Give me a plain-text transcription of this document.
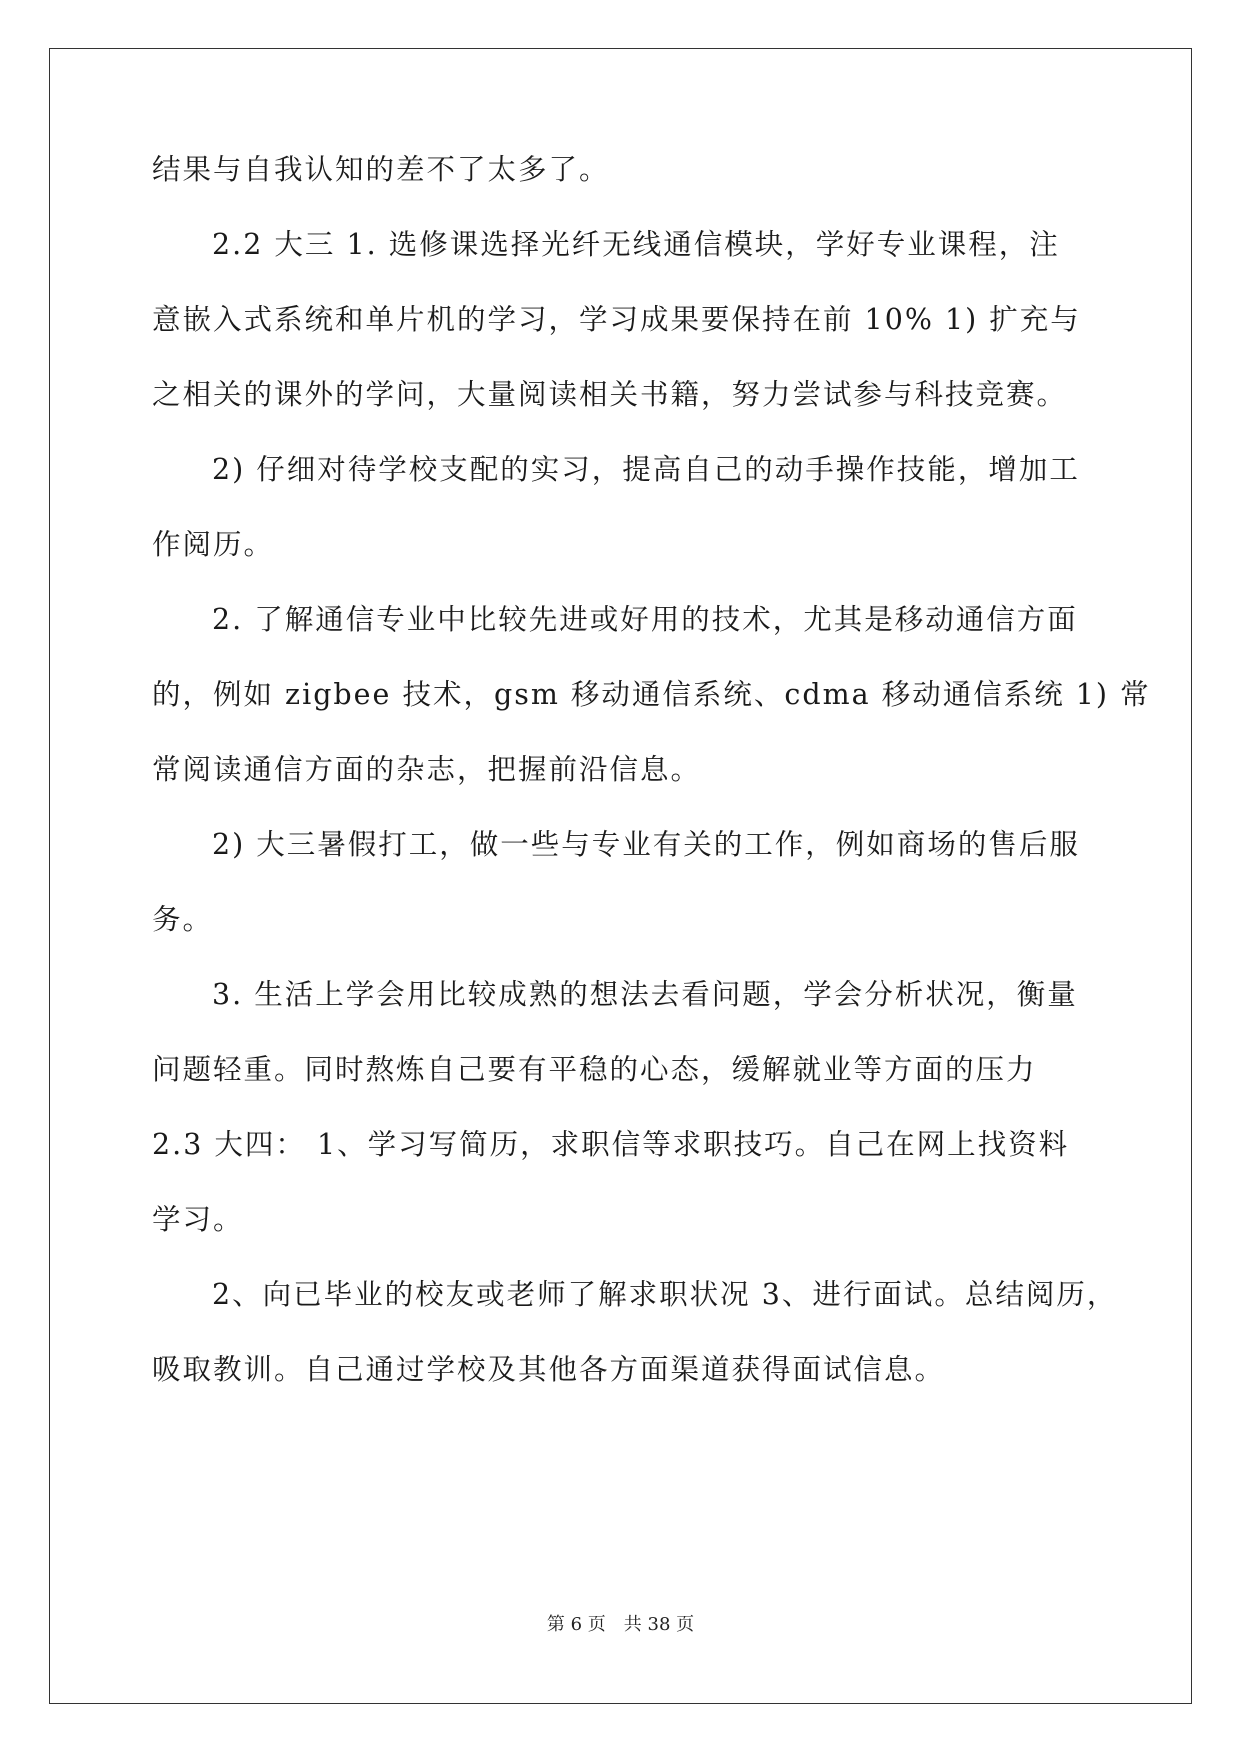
结果与自我认知的差不了太多了。
2.2 大三 1. 选修课选择光纤无线通信模块，学好专业课程，注
意嵌入式系统和单片机的学习，学习成果要保持在前 10% 1) 扩充与
之相关的课外的学问，大量阅读相关书籍，努力尝试参与科技竞赛。
2) 仔细对待学校支配的实习，提高自己的动手操作技能，增加工
作阅历。
2. 了解通信专业中比较先进或好用的技术，尤其是移动通信方面
的，例如 zigbee 技术，gsm 移动通信系统、cdma 移动通信系统 1) 常
常阅读通信方面的杂志，把握前沿信息。
2) 大三暑假打工，做一些与专业有关的工作，例如商场的售后服
务。
3. 生活上学会用比较成熟的想法去看问题，学会分析状况，衡量
问题轻重。同时熬炼自己要有平稳的心态，缓解就业等方面的压力
2.3 大四： 1、学习写简历，求职信等求职技巧。自己在网上找资料
学习。
2、向已毕业的校友或老师了解求职状况 3、进行面试。总结阅历，
吸取教训。自己通过学校及其他各方面渠道获得面试信息。
第 6 页 共 38 页
